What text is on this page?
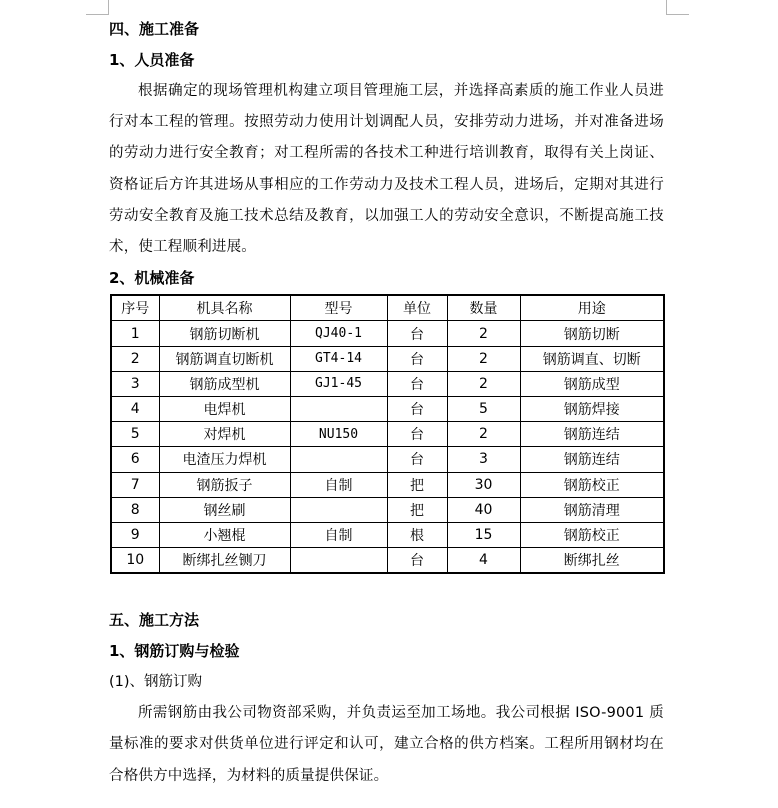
四、施工准备
1、人员准备
根据确定的现场管理机构建立项目管理施工层，并选择高素质的施工作业人员进行对本工程的管理。按照劳动力使用计划调配人员，安排劳动力进场，并对准备进场的劳动力进行安全教育；对工程所需的各技术工种进行培训教育，取得有关上岗证、资格证后方许其进场从事相应的工作劳动力及技术工程人员，进场后，定期对其进行劳动安全教育及施工技术总结及教育，以加强工人的劳动安全意识，不断提高施工技术，使工程顺利进展。
2、机械准备
序号	机具名称	型号	单位	数量	用途
1	钢筋切断机	QJ40-1	台	2	钢筋切断
2	钢筋调直切断机	GT4-14	台	2	钢筋调直、切断
3	钢筋成型机	GJ1-45	台	2	钢筋成型
4	电焊机		台	5	钢筋焊接
5	对焊机	NU150	台	2	钢筋连结
6	电渣压力焊机		台	3	钢筋连结
7	钢筋扳子	自制	把	30	钢筋校正
8	钢丝刷		把	40	钢筋清理
9	小翘棍	自制	根	15	钢筋校正
10	断绑扎丝铡刀		台	4	断绑扎丝
五、施工方法
1、钢筋订购与检验
(1)、钢筋订购
所需钢筋由我公司物资部采购，并负责运至加工场地。我公司根据 ISO-9001 质量标准的要求对供货单位进行评定和认可，建立合格的供方档案。工程所用钢材均在合格供方中选择，为材料的质量提供保证。
